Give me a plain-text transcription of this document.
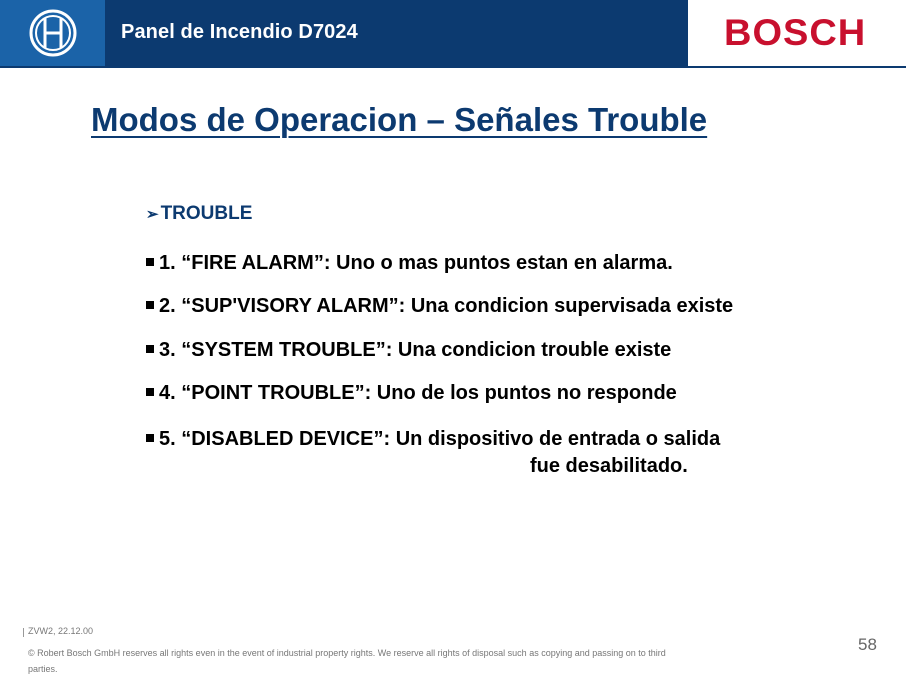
Panel de Incendio D7024	BOSCH
Modos de Operacion – Señales Trouble
➢ TROUBLE
1. “FIRE ALARM”: Uno o mas puntos estan en alarma.
2. “SUP'VISORY ALARM”: Una condicion supervisada existe
3. “SYSTEM TROUBLE”: Una condicion trouble existe
4. “POINT TROUBLE”: Uno de los puntos no responde
5. “DISABLED DEVICE”: Un dispositivo de entrada o salida
fue desabilitado.
ZVW2, 22.12.00
© Robert Bosch GmbH reserves all rights even in the event of industrial property rights. We reserve all rights of disposal such as copying and passing on to third parties.
58
